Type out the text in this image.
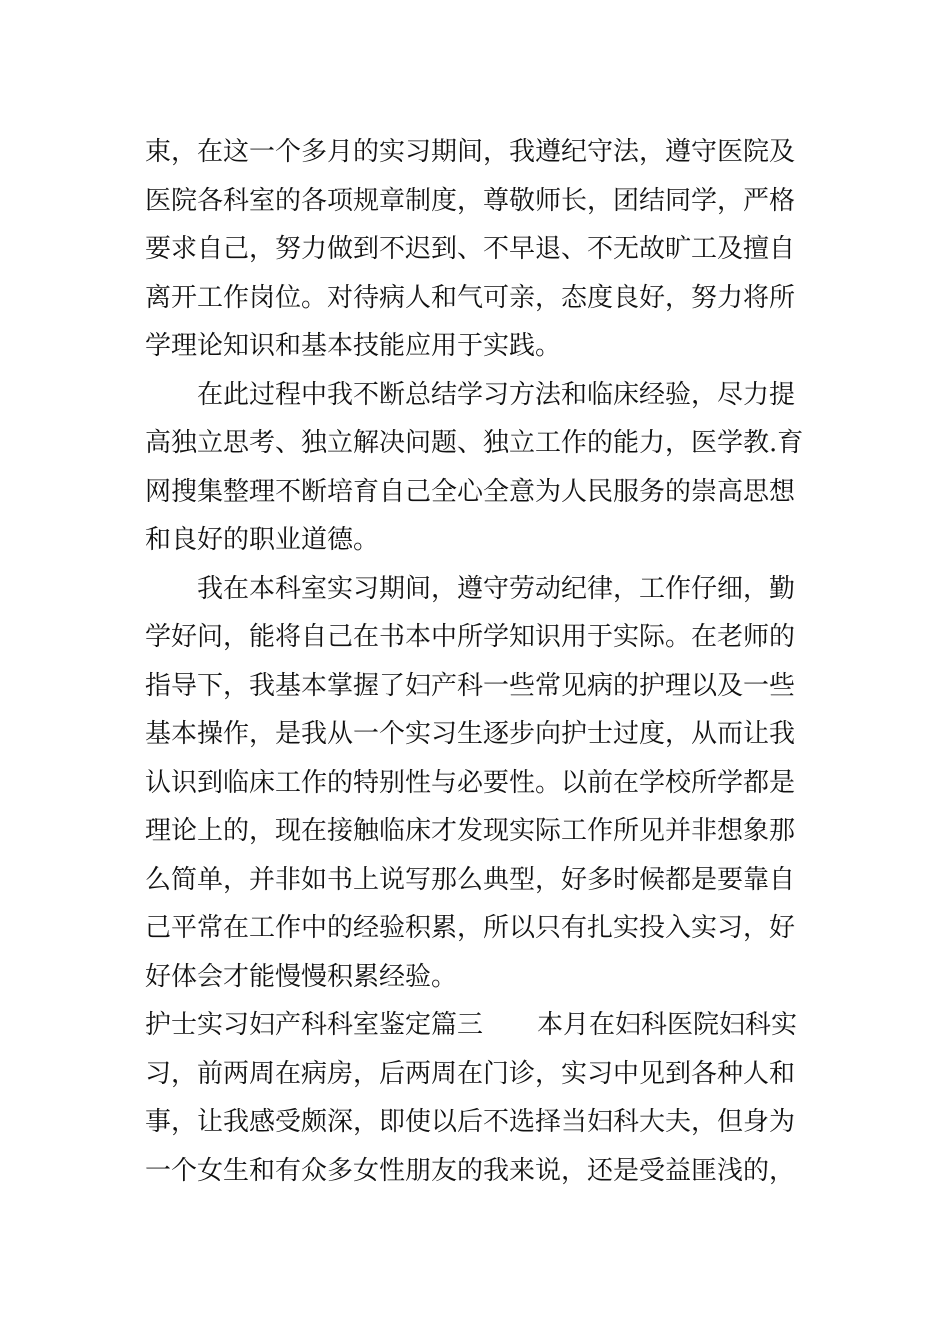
束，在这一个多月的实习期间，我遵纪守法，遵守医院及
医院各科室的各项规章制度，尊敬师长，团结同学，严格
要求自己，努力做到不迟到、不早退、不无故旷工及擅自
离开工作岗位。对待病人和气可亲，态度良好，努力将所
学理论知识和基本技能应用于实践。
在此过程中我不断总结学习方法和临床经验，尽力提
高独立思考、独立解决问题、独立工作的能力，医学教.育
网搜集整理不断培育自己全心全意为人民服务的崇高思想
和良好的职业道德。
我在本科室实习期间，遵守劳动纪律，工作仔细，勤
学好问，能将自己在书本中所学知识用于实际。在老师的
指导下，我基本掌握了妇产科一些常见病的护理以及一些
基本操作，是我从一个实习生逐步向护士过度，从而让我
认识到临床工作的特别性与必要性。以前在学校所学都是
理论上的，现在接触临床才发现实际工作所见并非想象那
么简单，并非如书上说写那么典型，好多时候都是要靠自
己平常在工作中的经验积累，所以只有扎实投入实习，好
好体会才能慢慢积累经验。
护士实习妇产科科室鉴定篇三 本月在妇科医院妇科实
习，前两周在病房，后两周在门诊，实习中见到各种人和
事，让我感受颇深，即使以后不选择当妇科大夫，但身为
一个女生和有众多女性朋友的我来说，还是受益匪浅的，
